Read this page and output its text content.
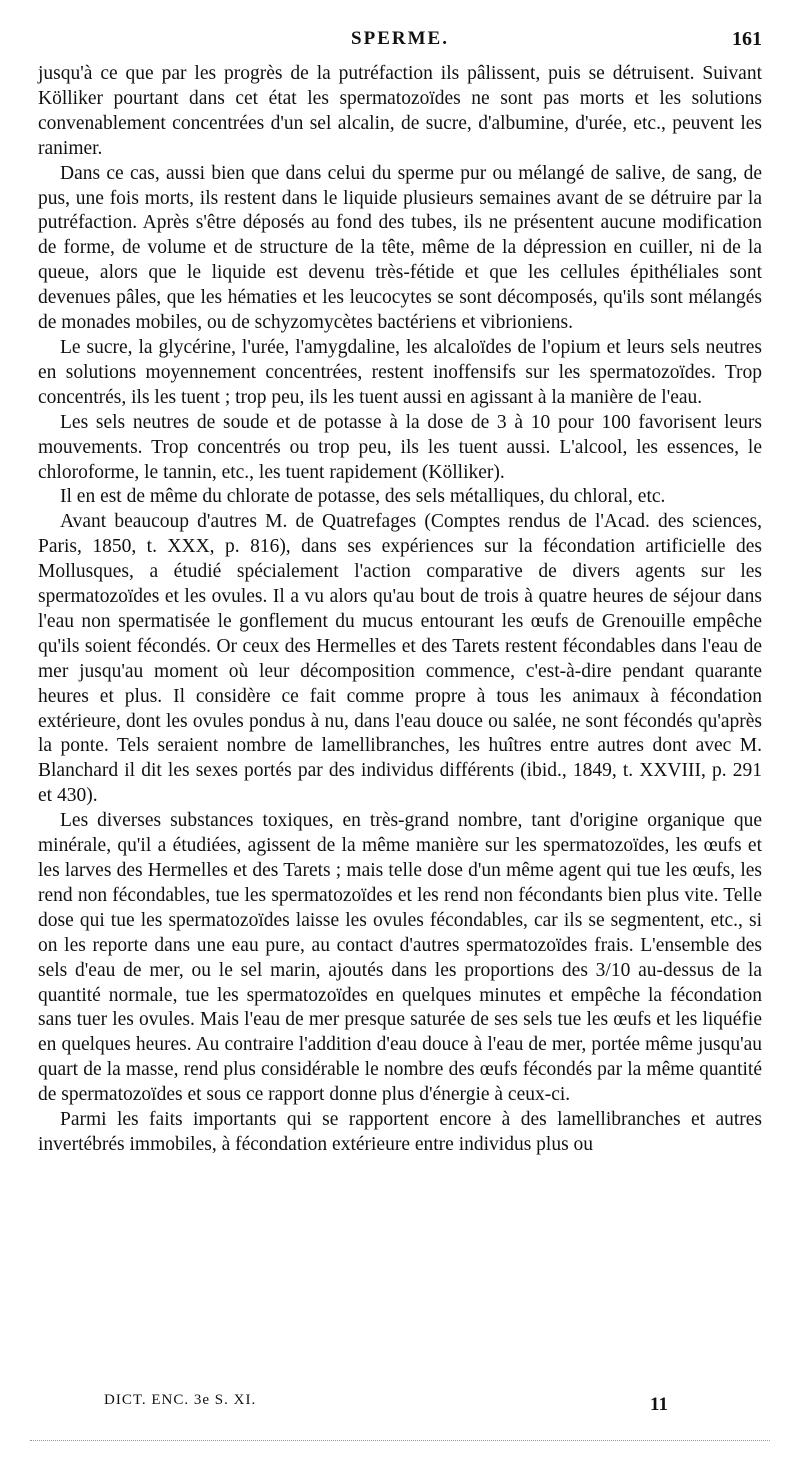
SPERME.	161

jusqu'à ce que par les progrès de la putréfaction ils pâlissent, puis se détruisent. Suivant Kölliker pourtant dans cet état les spermatozoïdes ne sont pas morts et les solutions convenablement concentrées d'un sel alcalin, de sucre, d'albumine, d'urée, etc., peuvent les ranimer.

Dans ce cas, aussi bien que dans celui du sperme pur ou mélangé de salive, de sang, de pus, une fois morts, ils restent dans le liquide plusieurs semaines avant de se détruire par la putréfaction. Après s'être déposés au fond des tubes, ils ne présentent aucune modification de forme, de volume et de structure de la tête, même de la dépression en cuiller, ni de la queue, alors que le liquide est devenu très-fétide et que les cellules épithéliales sont devenues pâles, que les hématies et les leucocytes se sont décomposés, qu'ils sont mélangés de monades mobiles, ou de schyzomycètes bactériens et vibrioniens.

Le sucre, la glycérine, l'urée, l'amygdaline, les alcaloïdes de l'opium et leurs sels neutres en solutions moyennement concentrées, restent inoffensifs sur les spermatozoïdes. Trop concentrés, ils les tuent ; trop peu, ils les tuent aussi en agissant à la manière de l'eau.

Les sels neutres de soude et de potasse à la dose de 3 à 10 pour 100 favorisent leurs mouvements. Trop concentrés ou trop peu, ils les tuent aussi. L'alcool, les essences, le chloroforme, le tannin, etc., les tuent rapidement (Kölliker).

Il en est de même du chlorate de potasse, des sels métalliques, du chloral, etc.

Avant beaucoup d'autres M. de Quatrefages (Comptes rendus de l'Acad. des sciences, Paris, 1850, t. XXX, p. 816), dans ses expériences sur la fécondation artificielle des Mollusques, a étudié spécialement l'action comparative de divers agents sur les spermatozoïdes et les ovules. Il a vu alors qu'au bout de trois à quatre heures de séjour dans l'eau non spermatisée le gonflement du mucus entourant les œufs de Grenouille empêche qu'ils soient fécondés. Or ceux des Hermelles et des Tarets restent fécondables dans l'eau de mer jusqu'au moment où leur décomposition commence, c'est-à-dire pendant quarante heures et plus. Il considère ce fait comme propre à tous les animaux à fécondation extérieure, dont les ovules pondus à nu, dans l'eau douce ou salée, ne sont fécondés qu'après la ponte. Tels seraient nombre de lamellibranches, les huîtres entre autres dont avec M. Blanchard il dit les sexes portés par des individus différents (ibid., 1849, t. XXVIII, p. 291 et 430).

Les diverses substances toxiques, en très-grand nombre, tant d'origine organique que minérale, qu'il a étudiées, agissent de la même manière sur les spermatozoïdes, les œufs et les larves des Hermelles et des Tarets ; mais telle dose d'un même agent qui tue les œufs, les rend non fécondables, tue les spermatozoïdes et les rend non fécondants bien plus vite. Telle dose qui tue les spermatozoïdes laisse les ovules fécondables, car ils se segmentent, etc., si on les reporte dans une eau pure, au contact d'autres spermatozoïdes frais. L'ensemble des sels d'eau de mer, ou le sel marin, ajoutés dans les proportions des 3/10 au-dessus de la quantité normale, tue les spermatozoïdes en quelques minutes et empêche la fécondation sans tuer les ovules. Mais l'eau de mer presque saturée de ses sels tue les œufs et les liquéfie en quelques heures. Au contraire l'addition d'eau douce à l'eau de mer, portée même jusqu'au quart de la masse, rend plus considérable le nombre des œufs fécondés par la même quantité de spermatozoïdes et sous ce rapport donne plus d'énergie à ceux-ci.

Parmi les faits importants qui se rapportent encore à des lamellibranches et autres invertébrés immobiles, à fécondation extérieure entre individus plus ou

DICT. ENC. 3e S. XI.	11
